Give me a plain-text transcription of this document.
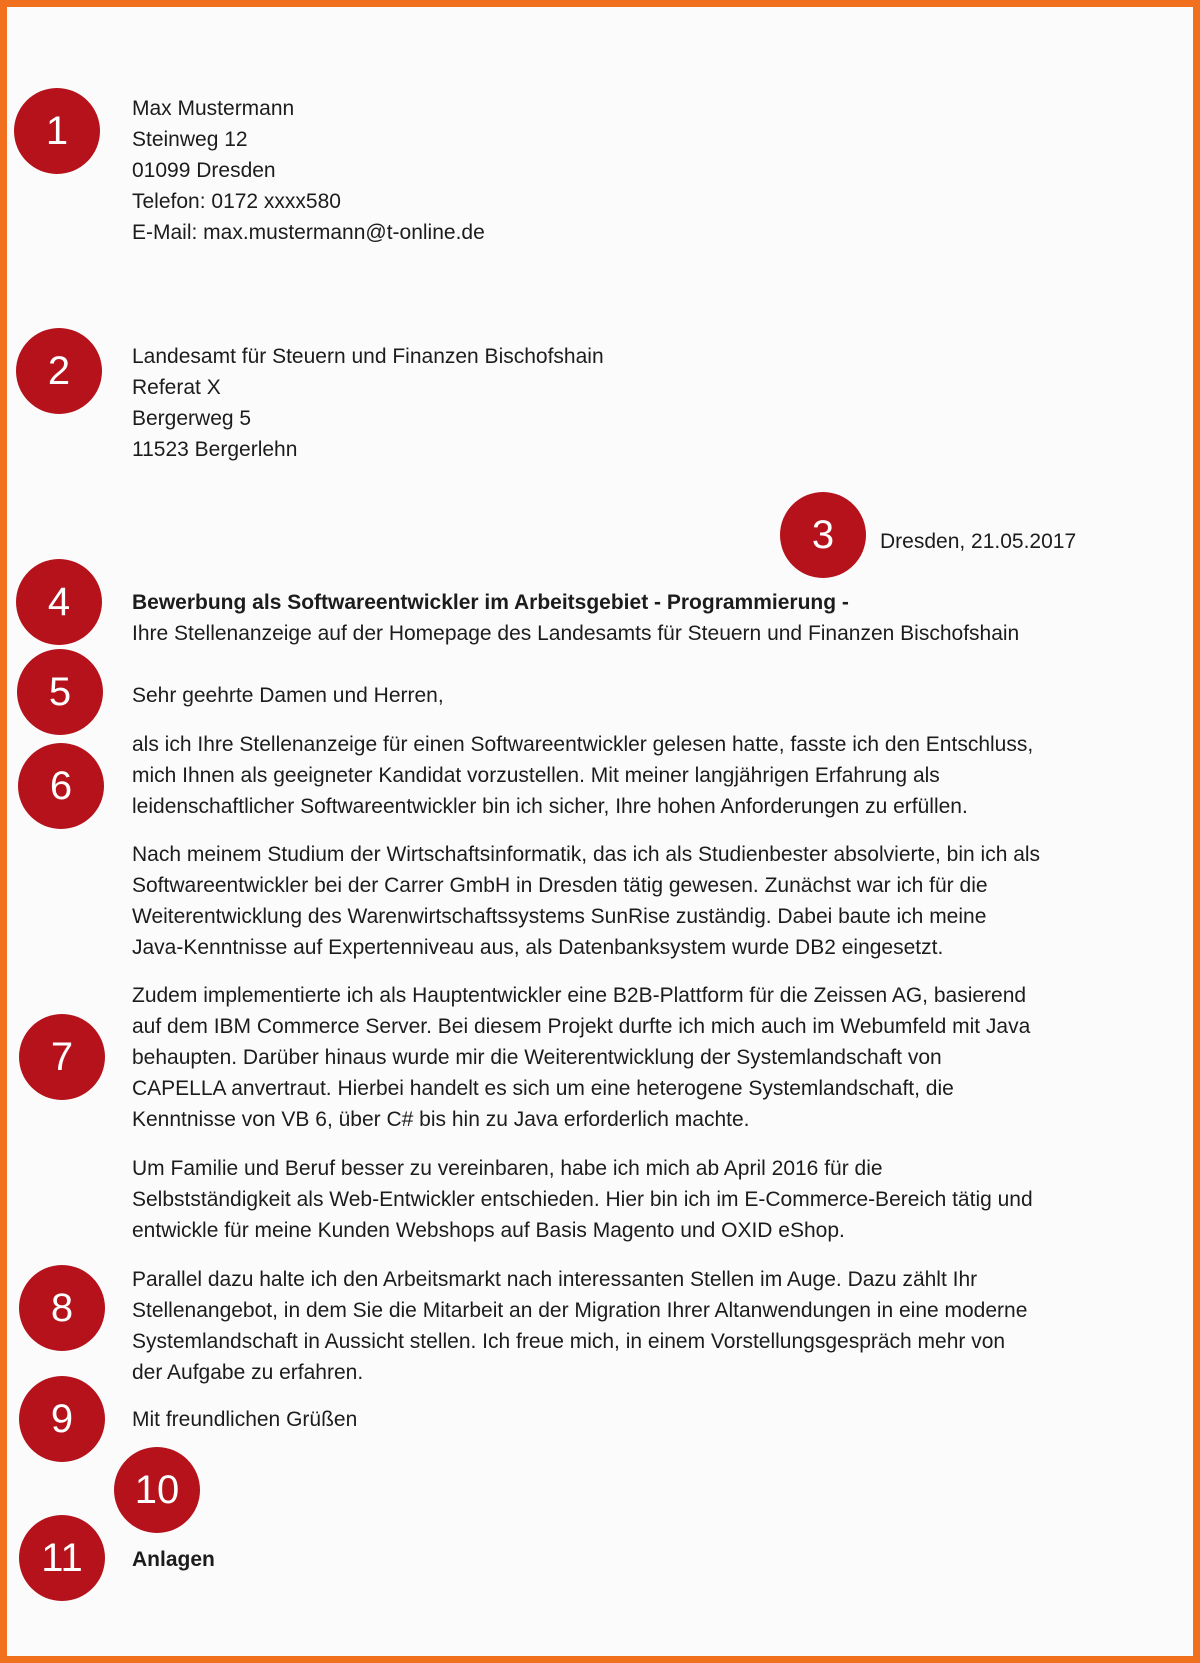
Max Mustermann
Steinweg 12
01099 Dresden
Telefon: 0172 xxxx580
E-Mail: max.mustermann@t-online.de
Landesamt für Steuern und Finanzen Bischofshain
Referat X
Bergerweg 5
11523 Bergerlehn
Dresden, 21.05.2017
Bewerbung als Softwareentwickler im Arbeitsgebiet - Programmierung -
Ihre Stellenanzeige auf der Homepage des Landesamts für Steuern und Finanzen Bischofshain
Sehr geehrte Damen und Herren,
als ich Ihre Stellenanzeige für einen Softwareentwickler gelesen hatte, fasste ich den Entschluss,
mich Ihnen als geeigneter Kandidat vorzustellen. Mit meiner langjährigen Erfahrung als
leidenschaftlicher Softwareentwickler bin ich sicher, Ihre hohen Anforderungen zu erfüllen.
Nach meinem Studium der Wirtschaftsinformatik, das ich als Studienbester absolvierte, bin ich als
Softwareentwickler bei der Carrer GmbH in Dresden tätig gewesen. Zunächst war ich für die
Weiterentwicklung des Warenwirtschaftssystems SunRise zuständig. Dabei baute ich meine
Java-Kenntnisse auf Expertenniveau aus, als Datenbanksystem wurde DB2 eingesetzt.
Zudem implementierte ich als Hauptentwickler eine B2B-Plattform für die Zeissen AG, basierend
auf dem IBM Commerce Server. Bei diesem Projekt durfte ich mich auch im Webumfeld mit Java
behaupten. Darüber hinaus wurde mir die Weiterentwicklung der Systemlandschaft von
CAPELLA anvertraut. Hierbei handelt es sich um eine heterogene Systemlandschaft, die
Kenntnisse von VB 6, über C# bis hin zu Java erforderlich machte.
Um Familie und Beruf besser zu vereinbaren, habe ich mich ab April 2016 für die
Selbstständigkeit als Web-Entwickler entschieden. Hier bin ich im E-Commerce-Bereich tätig und
entwickle für meine Kunden Webshops auf Basis Magento und OXID eShop.
Parallel dazu halte ich den Arbeitsmarkt nach interessanten Stellen im Auge. Dazu zählt Ihr
Stellenangebot, in dem Sie die Mitarbeit an der Migration Ihrer Altanwendungen in eine moderne
Systemlandschaft in Aussicht stellen. Ich freue mich, in einem Vorstellungsgespräch mehr von
der Aufgabe zu erfahren.
Mit freundlichen Grüßen
Anlagen
1
2
3
4
5
6
7
8
9
10
11
